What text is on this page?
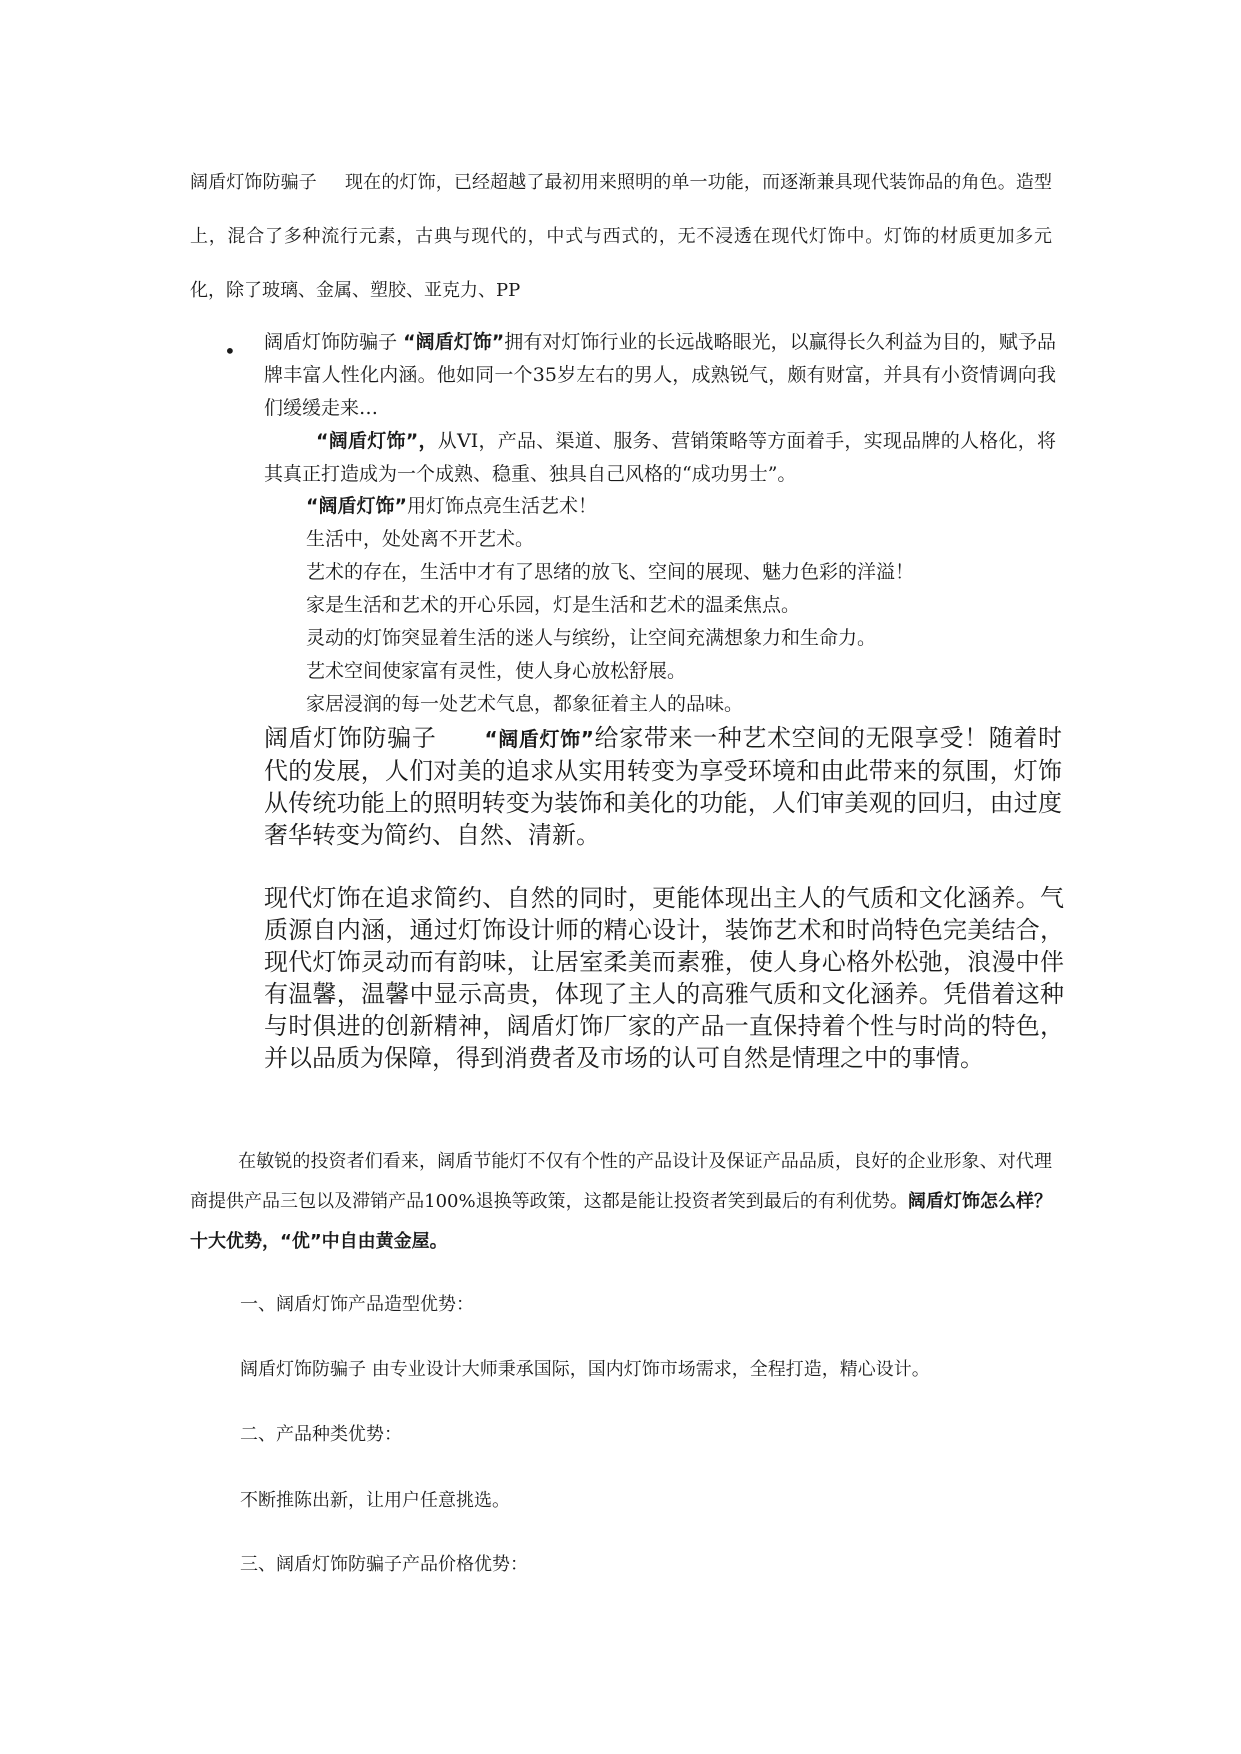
阔盾灯饰防骗子 现在的灯饰，已经超越了最初用来照明的单一功能，而逐渐兼具现代装饰品的角色。造型上，混合了多种流行元素，古典与现代的，中式与西式的，无不浸透在现代灯饰中。灯饰的材质更加多元化，除了玻璃、金属、塑胶、亚克力、PP
• 阔盾灯饰防骗子 “阔盾灯饰”拥有对灯饰行业的长远战略眼光，以赢得长久利益为目的，赋予品牌丰富人性化内涵。他如同一个35岁左右的男人，成熟锐气，颇有财富，并具有小资情调向我们缓缓走来…
“阔盾灯饰”，从VI，产品、渠道、服务、营销策略等方面着手，实现品牌的人格化，将其真正打造成为一个成熟、稳重、独具自己风格的“成功男士”。
“阔盾灯饰”用灯饰点亮生活艺术！
生活中，处处离不开艺术。
艺术的存在，生活中才有了思绪的放飞、空间的展现、魅力色彩的洋溢！
家是生活和艺术的开心乐园，灯是生活和艺术的温柔焦点。
灵动的灯饰突显着生活的迷人与缤纷，让空间充满想象力和生命力。
艺术空间使家富有灵性，使人身心放松舒展。
家居浸润的每一处艺术气息，都象征着主人的品味。
阔盾灯饰防骗子 “阔盾灯饰”给家带来一种艺术空间的无限享受！随着时代的发展，人们对美的追求从实用转变为享受环境和由此带来的氛围，灯饰从传统功能上的照明转变为装饰和美化的功能，人们审美观的回归，由过度奢华转变为简约、自然、清新。
现代灯饰在追求简约、自然的同时，更能体现出主人的气质和文化涵养。气质源自内涵，通过灯饰设计师的精心设计，装饰艺术和时尚特色完美结合，现代灯饰灵动而有韵味，让居室柔美而素雅，使人身心格外松弛，浪漫中伴有温馨，温馨中显示高贵，体现了主人的高雅气质和文化涵养。凭借着这种与时俱进的创新精神，阔盾灯饰厂家的产品一直保持着个性与时尚的特色，并以品质为保障，得到消费者及市场的认可自然是情理之中的事情。
在敏锐的投资者们看来，阔盾节能灯不仅有个性的产品设计及保证产品品质，良好的企业形象、对代理商提供产品三包以及滞销产品100%退换等政策，这都是能让投资者笑到最后的有利优势。阔盾灯饰怎么样？十大优势，“优”中自由黄金屋。
一、阔盾灯饰产品造型优势：
阔盾灯饰防骗子 由专业设计大师秉承国际，国内灯饰市场需求，全程打造，精心设计。
二、产品种类优势：
不断推陈出新，让用户任意挑选。
三、阔盾灯饰防骗子产品价格优势：
